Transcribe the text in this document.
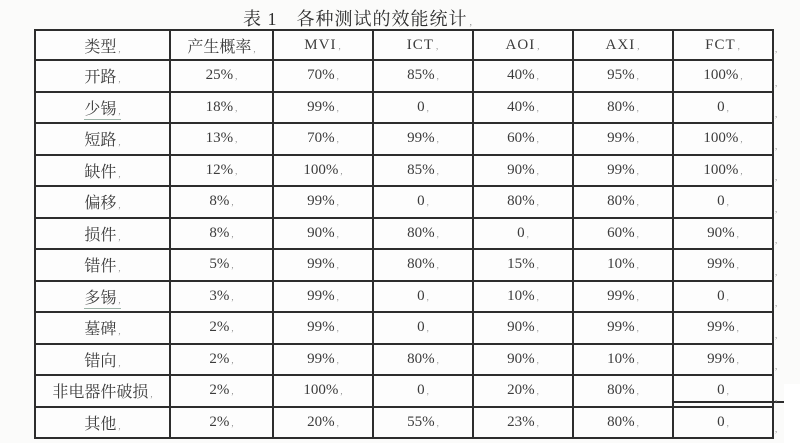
表 1　各种测试的效能统计 ,
类型 ,	产生概率 ,	MVI ,	ICT ,	AOI ,	AXI ,	FCT ,
开路 ,	25% ,	70% ,	85% ,	40% ,	95% ,	100% ,
少锡 ,	18% ,	99% ,	0 ,	40% ,	80% ,	0 ,
短路 ,	13% ,	70% ,	99% ,	60% ,	99% ,	100% ,
缺件 ,	12% ,	100% ,	85% ,	90% ,	99% ,	100% ,
偏移 ,	8% ,	99% ,	0 ,	80% ,	80% ,	0 ,
损件 ,	8% ,	90% ,	80% ,	0 ,	60% ,	90% ,
错件 ,	5% ,	99% ,	80% ,	15% ,	10% ,	99% ,
多锡 ,	3% ,	99% ,	0 ,	10% ,	99% ,	0 ,
墓碑 ,	2% ,	99% ,	0 ,	90% ,	99% ,	99% ,
错向 ,	2% ,	99% ,	80% ,	90% ,	10% ,	99% ,
非电器件破损 ,	2% ,	100% ,	0 ,	20% ,	80% ,	0 ,
其他 ,	2% ,	20% ,	55% ,	23% ,	80% ,	0 ,
,
,
,
,
,
,
,
,
,
,
,
,
,
